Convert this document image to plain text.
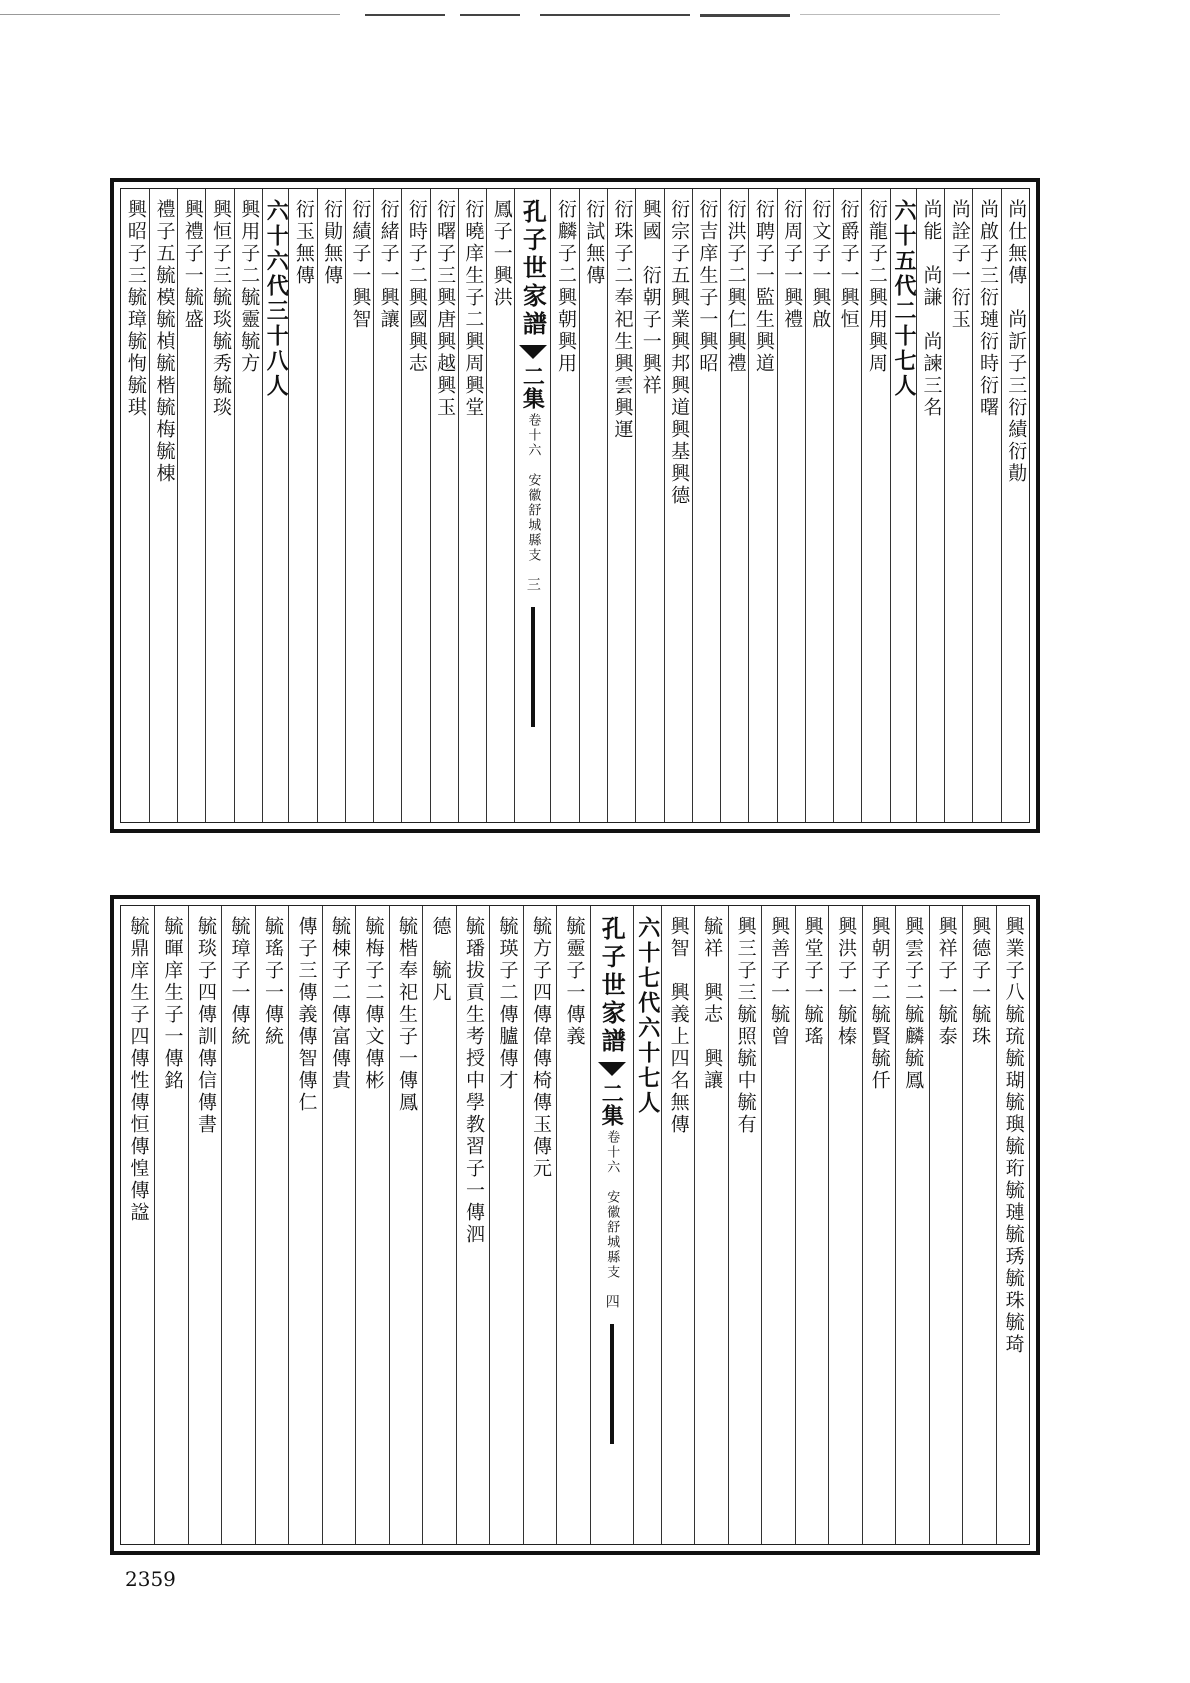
尚仕無傳　尚訢子三衍績衍勣
尚啟子三衍璉衍時衍曙
尚詮子一衍玉
尚能　尚謙　尚諫三名
六十五代二十七人
衍龍子二興用興周
衍爵子一興恒
衍文子一興啟
衍周子一興禮
衍聘子一監生興道
衍洪子二興仁興禮
衍吉庠生子一興昭
衍宗子五興業興邦興道興基興德
興國　衍朝子一興祥
衍珠子二奉祀生興雲興運
衍試無傳
衍麟子二興朝興用
孔子世家譜
二集
卷十六　安徽舒城縣支
三
鳳子一興洪
衍曉庠生子二興周興堂
衍曙子三興唐興越興玉
衍時子二興國興志
衍緒子一興讓
衍績子一興智
衍勛無傳
衍玉無傳
六十六代三十八人
興用子二毓靈毓方
興恒子三毓琰毓秀毓琰
興禮子一毓盛
禮子五毓模毓楨毓楷毓梅毓棟
興昭子三毓璋毓恂毓琪
興業子八毓琉毓瑚毓璵毓珩毓璉毓琇毓珠毓琦
興德子一毓珠
興祥子一毓泰
興雲子二毓麟毓鳳
興朝子二毓賢毓仟
興洪子一毓榛
興堂子一毓瑤
興善子一毓曾
興三子三毓照毓中毓有
毓祥　興志　興讓
興智　興義上四名無傳
六十七代六十七人
孔子世家譜
二集
卷十六　安徽舒城縣支
四
毓靈子一傳義
毓方子四傳偉傳椅傳玉傳元
毓瑛子二傳臚傳才
毓璠拔貢生考授中學教習子一傳泗
德　毓凡
毓楷奉祀生子一傳鳳
毓梅子二傳文傳彬
毓棟子二傳富傳貴
傳子三傳義傳智傳仁
毓瑤子一傳統
毓璋子一傳統
毓琰子四傳訓傳信傳書
毓暉庠生子一傳銘
毓鼎庠生子四傳性傳恒傳惶傳諡
2359
